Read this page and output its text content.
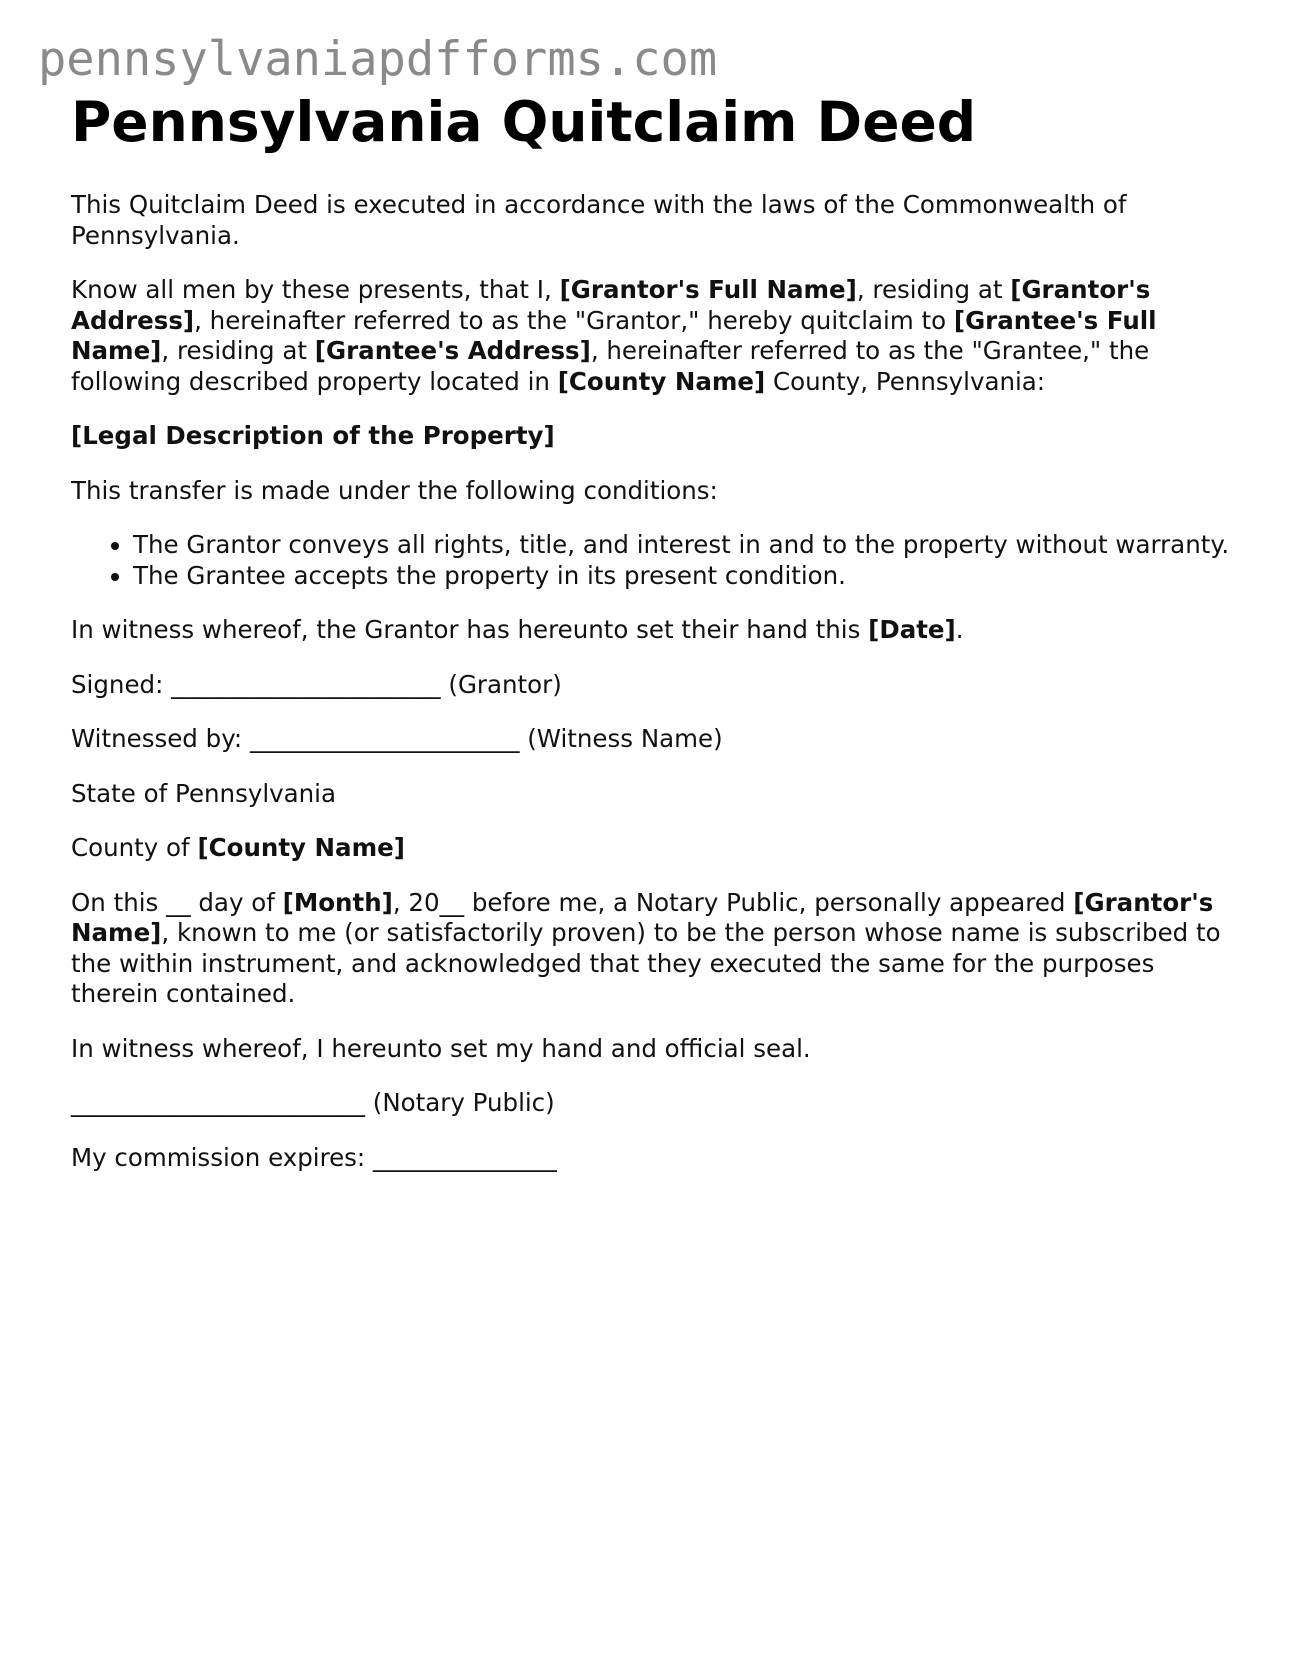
pennsylvaniapdfforms.com
Pennsylvania Quitclaim Deed

This Quitclaim Deed is executed in accordance with the laws of the Commonwealth of Pennsylvania.

Know all men by these presents, that I, [Grantor's Full Name], residing at [Grantor's Address], hereinafter referred to as the "Grantor," hereby quitclaim to [Grantee's Full Name], residing at [Grantee's Address], hereinafter referred to as the "Grantee," the following described property located in [County Name] County, Pennsylvania:

[Legal Description of the Property]

This transfer is made under the following conditions:

• The Grantor conveys all rights, title, and interest in and to the property without warranty.
• The Grantee accepts the property in its present condition.

In witness whereof, the Grantor has hereunto set their hand this [Date].

Signed: ______________________ (Grantor)

Witnessed by: ______________________ (Witness Name)

State of Pennsylvania

County of [County Name]

On this __ day of [Month], 20__ before me, a Notary Public, personally appeared [Grantor's Name], known to me (or satisfactorily proven) to be the person whose name is subscribed to the within instrument, and acknowledged that they executed the same for the purposes therein contained.

In witness whereof, I hereunto set my hand and official seal.

________________________ (Notary Public)

My commission expires: _______________
